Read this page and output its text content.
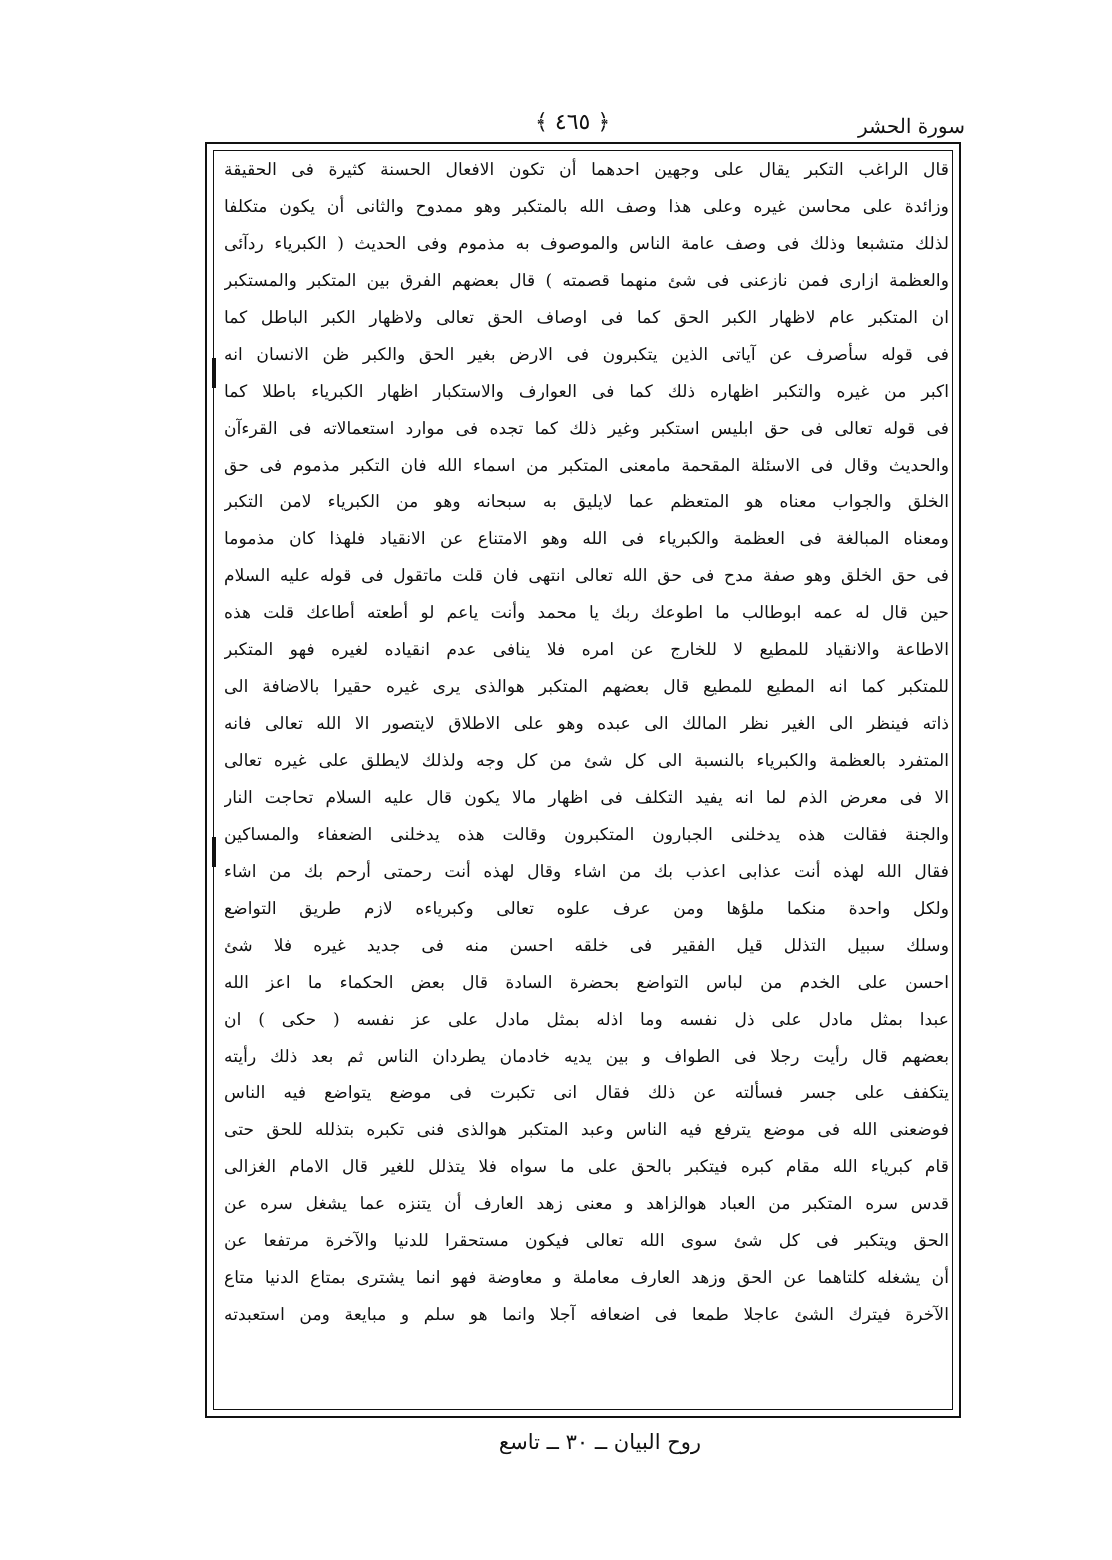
﴿ ٤٦٥ ﴾	سورة الحشر
قال الراغب التكبر يقال على وجهين احدهما أن تكون الافعال الحسنة كثيرة فى الحقيقة
وزائدة على محاسن غيره وعلى هذا وصف الله بالمتكبر وهو ممدوح والثانى أن يكون متكلفا
لذلك متشبعا وذلك فى وصف عامة الناس والموصوف به مذموم وفى الحديث ( الكبرياء ردآئى
والعظمة ازارى فمن نازعنى فى شئ منهما قصمته ) قال بعضهم الفرق بين المتكبر والمستكبر
ان المتكبر عام لاظهار الكبر الحق كما فى اوصاف الحق تعالى ولاظهار الكبر الباطل كما
فى قوله سأصرف عن آياتى الذين يتكبرون فى الارض بغير الحق والكبر ظن الانسان انه
اكبر من غيره والتكبر اظهاره ذلك كما فى العوارف والاستكبار اظهار الكبرياء باطلا كما
فى قوله تعالى فى حق ابليس استكبر وغير ذلك كما تجده فى موارد استعمالاته فى القرءآن
والحديث وقال فى الاسئلة المقحمة مامعنى المتكبر من اسماء الله فان التكبر مذموم فى حق
الخلق والجواب معناه هو المتعظم عما لايليق به سبحانه وهو من الكبرياء لامن التكبر
ومعناه المبالغة فى العظمة والكبرياء فى الله وهو الامتناع عن الانقياد فلهذا كان مذموما
فى حق الخلق وهو صفة مدح فى حق الله تعالى انتهى فان قلت ماتقول فى قوله عليه السلام
حين قال له عمه ابوطالب ما اطوعك ربك يا محمد وأنت ياعم لو أطعته أطاعك قلت هذه
الاطاعة والانقياد للمطيع لا للخارج عن امره فلا ينافى عدم انقياده لغيره فهو المتكبر
للمتكبر كما انه المطيع للمطيع قال بعضهم المتكبر هوالذى يرى غيره حقيرا بالاضافة الى
ذاته فينظر الى الغير نظر المالك الى عبده وهو على الاطلاق لايتصور الا الله تعالى فانه
المتفرد بالعظمة والكبرياء بالنسبة الى كل شئ من كل وجه ولذلك لايطلق على غيره تعالى
الا فى معرض الذم لما انه يفيد التكلف فى اظهار مالا يكون قال عليه السلام تحاجت النار
والجنة فقالت هذه يدخلنى الجبارون المتكبرون وقالت هذه يدخلنى الضعفاء والمساكين
فقال الله لهذه أنت عذابى اعذب بك من اشاء وقال لهذه أنت رحمتى أرحم بك من اشاء
ولكل واحدة منكما ملؤها ومن عرف علوه تعالى وكبرياءه لازم طريق التواضع
وسلك سبيل التذلل قيل الفقير فى خلقه احسن منه فى جديد غيره فلا شئ
احسن على الخدم من لباس التواضع بحضرة السادة قال بعض الحكماء ما اعز الله
عبدا بمثل مادل على ذل نفسه وما اذله بمثل مادل على عز نفسه ( حكى ) ان
بعضهم قال رأيت رجلا فى الطواف و بين يديه خادمان يطردان الناس ثم بعد ذلك رأيته
يتكفف على جسر فسألته عن ذلك فقال انى تكبرت فى موضع يتواضع فيه الناس
فوضعنى الله فى موضع يترفع فيه الناس وعبد المتكبر هوالذى فنى تكبره بتذلله للحق حتى
قام كبرياء الله مقام كبره فيتكبر بالحق على ما سواه فلا يتذلل للغير قال الامام الغزالى
قدس سره المتكبر من العباد هوالزاهد و معنى زهد العارف أن يتنزه عما يشغل سره عن
الحق ويتكبر فى كل شئ سوى الله تعالى فيكون مستحقرا للدنيا والآخرة مرتفعا عن
أن يشغله كلتاهما عن الحق وزهد العارف معاملة و معاوضة فهو انما يشترى بمتاع الدنيا متاع
الآخرة فيترك الشئ عاجلا طمعا فى اضعافه آجلا وانما هو سلم و مبايعة ومن استعبدته
روح البيان ــ ٣٠ ــ تاسع
